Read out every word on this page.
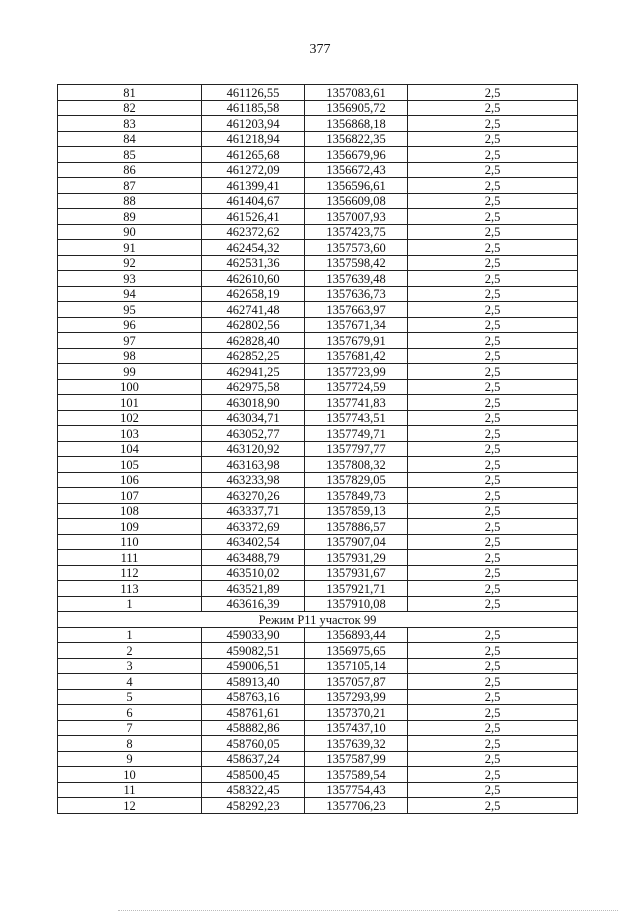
377
81	461126,55	1357083,61	2,5
82	461185,58	1356905,72	2,5
83	461203,94	1356868,18	2,5
84	461218,94	1356822,35	2,5
85	461265,68	1356679,96	2,5
86	461272,09	1356672,43	2,5
87	461399,41	1356596,61	2,5
88	461404,67	1356609,08	2,5
89	461526,41	1357007,93	2,5
90	462372,62	1357423,75	2,5
91	462454,32	1357573,60	2,5
92	462531,36	1357598,42	2,5
93	462610,60	1357639,48	2,5
94	462658,19	1357636,73	2,5
95	462741,48	1357663,97	2,5
96	462802,56	1357671,34	2,5
97	462828,40	1357679,91	2,5
98	462852,25	1357681,42	2,5
99	462941,25	1357723,99	2,5
100	462975,58	1357724,59	2,5
101	463018,90	1357741,83	2,5
102	463034,71	1357743,51	2,5
103	463052,77	1357749,71	2,5
104	463120,92	1357797,77	2,5
105	463163,98	1357808,32	2,5
106	463233,98	1357829,05	2,5
107	463270,26	1357849,73	2,5
108	463337,71	1357859,13	2,5
109	463372,69	1357886,57	2,5
110	463402,54	1357907,04	2,5
111	463488,79	1357931,29	2,5
112	463510,02	1357931,67	2,5
113	463521,89	1357921,71	2,5
1	463616,39	1357910,08	2,5
Режим Р11 участок 99			
1	459033,90	1356893,44	2,5
2	459082,51	1356975,65	2,5
3	459006,51	1357105,14	2,5
4	458913,40	1357057,87	2,5
5	458763,16	1357293,99	2,5
6	458761,61	1357370,21	2,5
7	458882,86	1357437,10	2,5
8	458760,05	1357639,32	2,5
9	458637,24	1357587,99	2,5
10	458500,45	1357589,54	2,5
11	458322,45	1357754,43	2,5
12	458292,23	1357706,23	2,5
